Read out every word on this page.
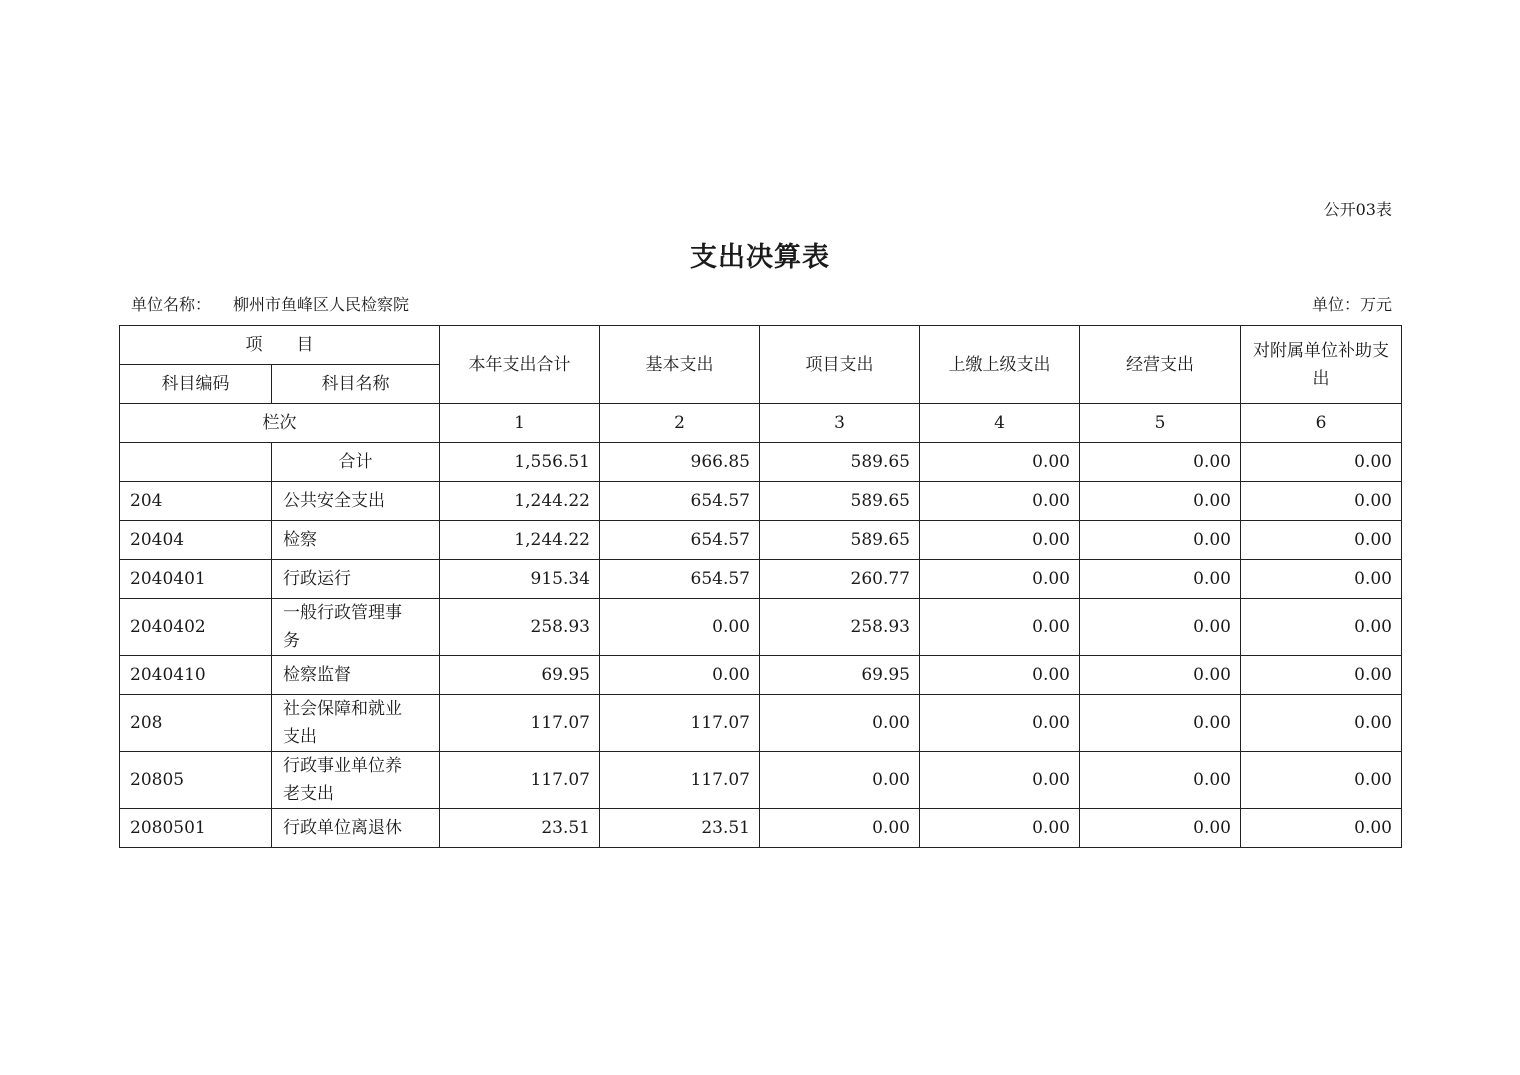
公开03表
支出决算表
单位名称： 柳州市鱼峰区人民检察院	单位：万元
项　　目		本年支出合计	基本支出	项目支出	上缴上级支出	经营支出	对附属单位补助支出
科目编码	科目名称						
栏次		1	2	3	4	5	6
	合计	1,556.51	966.85	589.65	0.00	0.00	0.00
204	公共安全支出	1,244.22	654.57	589.65	0.00	0.00	0.00
20404	检察	1,244.22	654.57	589.65	0.00	0.00	0.00
2040401	行政运行	915.34	654.57	260.77	0.00	0.00	0.00
2040402	一般行政管理事务	258.93	0.00	258.93	0.00	0.00	0.00
2040410	检察监督	69.95	0.00	69.95	0.00	0.00	0.00
208	社会保障和就业支出	117.07	117.07	0.00	0.00	0.00	0.00
20805	行政事业单位养老支出	117.07	117.07	0.00	0.00	0.00	0.00
2080501	行政单位离退休	23.51	23.51	0.00	0.00	0.00	0.00
